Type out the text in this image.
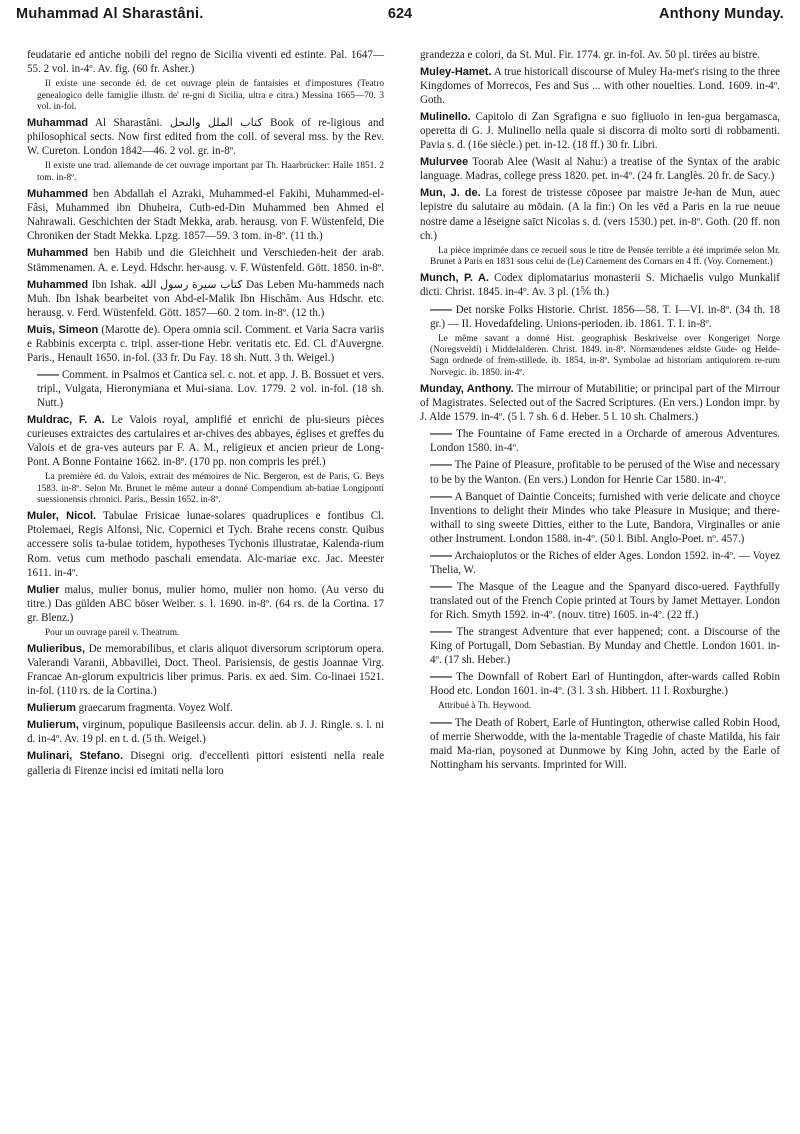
Muhammad Al Sharastâni.	624	Anthony Munday.
feudatarie ed antiche nobili del regno de Sicilia viventi ed estinte. Pal. 1647—55. 2 vol. in-4º. Av. fig. (60 fr. Asher.)
Il existe une seconde éd. de cet ouvrage plein de fantaisies et d'impostures (Teatro genealogico delle famiglie illustr. de' re-gni di Sicilia, ultra e citra.) Messina 1665—70. 3 vol. in-fol.
Muhammad Al Sharastâni. كتاب الملل والنحل Book of re-ligious and philosophical sects. Now first edited from the coll. of several mss. by the Rev. W. Cureton. London 1842—46. 2 vol. gr. in-8º.
Il existe une trad. allemande de cet ouvrage important par Th. Haarbrücker: Halle 1851. 2 tom. in-8º.
Muhammed ben Abdallah el Azraki, Muhammed-el Fakihi, Muhammed-el-Fâsi, Muhammed ibn Dhuheira, Cutb-ed-Din Muhammed ben Ahmed el Nahrawali. Geschichten der Stadt Mekka, arab. herausg. von F. Wüstenfeld, Die Chroniken der Stadt Mekka. Lpzg. 1857—59. 3 tom. in-8º. (11 th.)
Muhammed ben Habib und die Gleichheit und Verschieden-heit der arab. Stämmenamen. A. e. Leyd. Hdschr. her-ausg. v. F. Wüstenfeld. Gött. 1850. in-8º.
Muhammed Ibn Ishak. كتاب سيرة رسول الله Das Leben Mu-hammeds nach Muh. Ibn Ishak bearbeitet von Abd-el-Malik Ibn Hischâm. Aus Hdschr. etc. herausg. v. Ferd. Wüstenfeld. Gött. 1857—60. 2 tom. in-8º. (12 th.)
Muis, Simeon (Marotte de). Opera omnia scil. Comment. et Varia Sacra variis e Rabbinis excerpta c. tripl. asser-tione Hebr. veritatis etc. Ed. Cl. d'Auvergne. Paris., Henault 1650. in-fol. (33 fr. Du Fay. 18 sh. Nutt. 3 th. Weigel.)
—— Comment. in Psalmos et Cantica sel. c. not. et app. J. B. Bossuet et vers. tripl., Vulgata, Hieronymiana et Mui-siana. Lov. 1779. 2 vol. in-fol. (18 sh. Nutt.)
Muldrac, F. A. Le Valois royal, amplifié et enrichi de plu-sieurs pièces curieuses extraictes des cartulaires et ar-chives des abbayes, églises et greffes du Valois et de gra-ves auteurs par F. A. M., religieux et ancien prieur de Long-Pont. A Bonne Fontaine 1662. in-8º. (170 pp. non compris les prél.)
La première éd. du Valois, extrait des mémoires de Nic. Bergeron, est de Paris, G. Beys 1583. in-8º. Selon Mr. Brunet le même auteur a donné Compendium ab-batiae Longipontí suessionensis chronici. Paris., Bessin 1652. in-8º.
Muler, Nicol. Tabulae Frisicae lunae-solares quadruplices e fontibus Cl. Ptolemaei, Regis Alfonsi, Nic. Copernici et Tych. Brahe recens constr. Quibus accessere solis ta-bulae totidem, hypotheses Tychonis illustratae, Kalenda-rium Rom. vetus cum methodo paschali emendata. Alc-mariae exc. Jac. Meester 1611. in-4º.
Mulier malus, mulier bonus, mulier homo, mulier non homo. (Au verso du titre.) Das gülden ABC böser Weiber. s. l. 1690. in-8º. (64 rs. de la Cortina. 17 gr. Blenz.)
Pour un ouvrage pareil v. Theatrum.
Mulieribus, De memorabilibus, et claris aliquot diversorum scriptorum opera. Valerandi Varanii, Abbavillei, Doct. Theol. Parisiensis, de gestis Joannae Virg. Francae An-glorum expultricis liber primus. Paris. ex aed. Sim. Co-linaei 1521. in-fol. (110 rs. de la Cortina.)
Mulierum graecarum fragmenta. Voyez Wolf.
Mulierum, virginum, populique Basileensis accur. delin. ab J. J. Ringle. s. l. ni d. in-4º. Av. 19 pl. en t. d. (5 th. Weigel.)
Mulinari, Stefano. Disegni orig. d'eccellenti pittori esistenti nella reale galleria di Firenze incisi ed imitati nella loro
grandezza e colori, da St. Mul. Fir. 1774. gr. in-fol. Av. 50 pl. tirées au bistre.
Muley-Hamet. A true historicall discourse of Muley Ha-met's rising to the three Kingdomes of Morrecos, Fes and Sus ... with other nouelties. Lond. 1609. in-4º. Goth.
Mulinello. Capitolo di Zan Sgrafigna e suo figliuolo in len-gua bergamasca, operetta di G. J. Mulinello nella quale si discorra di molto sorti di robbamenti. Pavia s. d. (16e siècle.) pet. in-12. (18 ff.) 30 fr. Libri.
Mulurvee Toorab Alee (Wasit al Nahu:) a treatise of the Syntax of the arabic language. Madras, college press 1820. pet. in-4º. (24 fr. Langlès. 20 fr. de Sacy.)
Mun, J. de. La forest de tristesse cōposee par maistre Je-han de Mun, auec lepistre du salutaire au mōdain. (A la fin:) On les vēd a Paris en la rue neuue nostre dame a lēseigne saīct Nicolas s. d. (vers 1530.) pet. in-8º. Goth. (20 ff. non ch.)
La pièce imprimée dans ce recueil sous le titre de Pensée terrible a été imprimée selon Mr. Brunet à Paris en 1831 sous celui de (Le) Carnement des Cornars en 4 ff. (Voy. Cornement.)
Munch, P. A. Codex diplomatarius monasterii S. Michaelis vulgo Munkalif dicti. Christ. 1845. in-4º. Av. 3 pl. (1⅚ th.)
—— Det norske Folks Historie. Christ. 1856—58. T. I—VI. in-8º. (34 th. 18 gr.) — II. Hovedafdeling. Unions-perioden. ib. 1861. T. I. in-8º.
Le même savant a donné Hist. geographisk Beskrivelse over Kongeriget Norge (Noregsveldi) i Middelalderen. Christ. 1849. in-8º. Normændenes ældste Gude- og Helde-Sagn ordnede of frem-stillede. ib. 1854. in-8º. Symbolae ad historiam antiquiorem re-rum Norvegic. ib. 1850. in-4º.
Munday, Anthony. The mirrour of Mutabilitie; or principal part of the Mirrour of Magistrates. Selected out of the Sacred Scriptures. (En vers.) London impr. by J. Alde 1579. in-4º. (5 l. 7 sh. 6 d. Heber. 5 l. 10 sh. Chalmers.)
—— The Fountaine of Fame erected in a Orcharde of amerous Adventures. London 1580. in-4º.
—— The Paine of Pleasure, profitable to be perused of the Wise and necessary to be by the Wanton. (En vers.) London for Henrie Car 1580. in-4º.
—— A Banquet of Daintie Conceits; furnished with verie delicate and choyce Inventions to delight their Mindes who take Pleasure in Musique; and there-withall to sing sweete Ditties, either to the Lute, Bandora, Virginalles or anie other Instrument. London 1588. in-4º. (50 l. Bibl. Anglo-Poet. nº. 457.)
—— Archaioplutos or the Riches of elder Ages. London 1592. in-4º. — Voyez Thelia, W.
—— The Masque of the League and the Spanyard disco-uered. Faythfully translated out of the French Copie printed at Tours by Jamet Mettayer. London for Rich. Smyth 1592. in-4º. (nouv. titre) 1605. in-4º. (22 ff.)
—— The strangest Adventure that ever happened; cont. a Discourse of the King of Portugall, Dom Sebastian. By Munday and Chettle. London 1601. in-4º. (17 sh. Heber.)
—— The Downfall of Robert Earl of Huntingdon, after-wards called Robin Hood etc. London 1601. in-4º. (3 l. 3 sh. Hibbert. 11 l. Roxburghe.)
Attribué à Th. Heywood.
—— The Death of Robert, Earle of Huntington, otherwise called Robin Hood, of merrie Sherwodde, with the la-mentable Tragedie of chaste Matilda, his fair maid Ma-rian, poysoned at Dunmowe by King John, acted by the Earle of Nottingham his servants. Imprinted for Will.
